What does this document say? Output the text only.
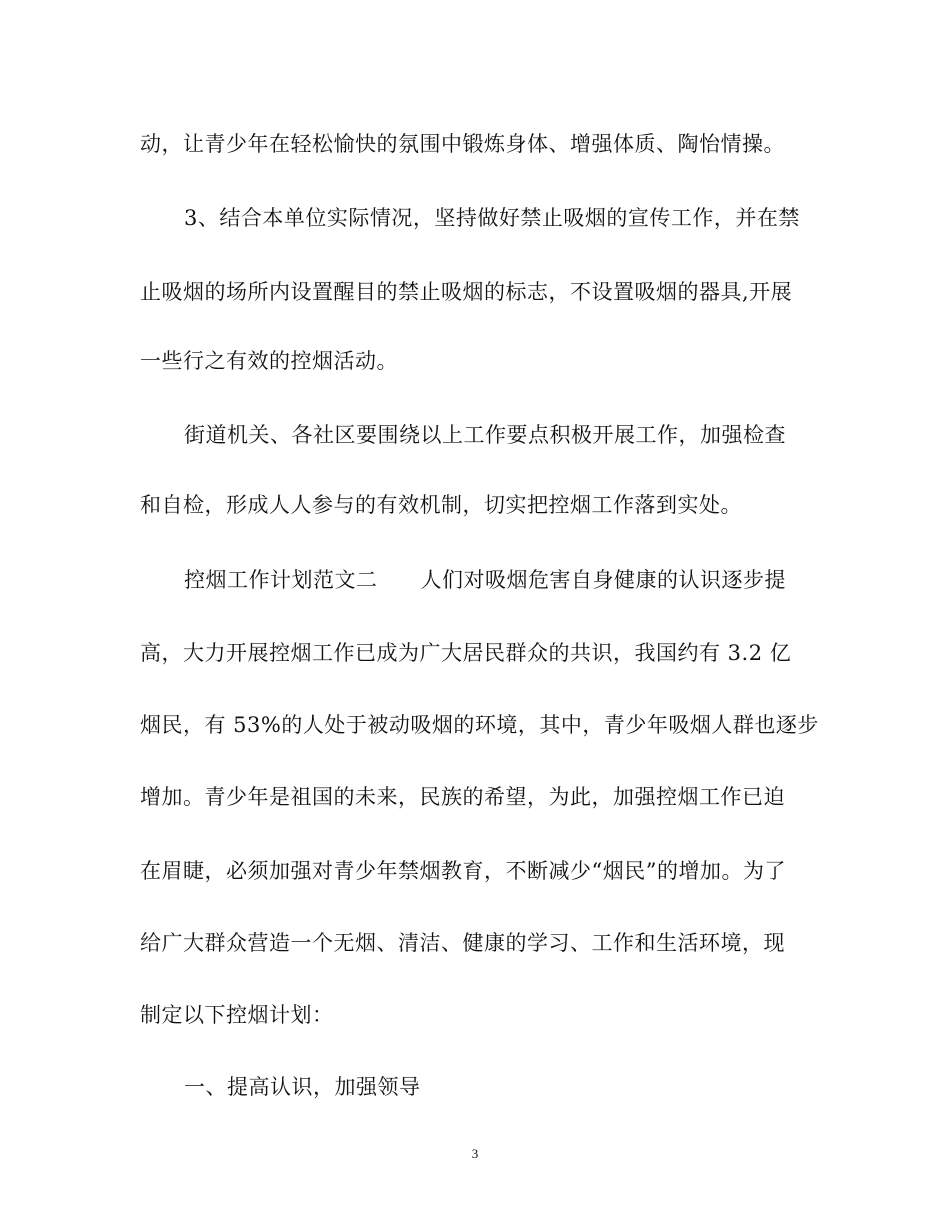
动，让青少年在轻松愉快的氛围中锻炼身体、增强体质、陶怡情操。
3、结合本单位实际情况，坚持做好禁止吸烟的宣传工作，并在禁
止吸烟的场所内设置醒目的禁止吸烟的标志，不设置吸烟的器具,开展
一些行之有效的控烟活动。
街道机关、各社区要围绕以上工作要点积极开展工作，加强检查
和自检，形成人人参与的有效机制，切实把控烟工作落到实处。
控烟工作计划范文二　　人们对吸烟危害自身健康的认识逐步提
高，大力开展控烟工作已成为广大居民群众的共识，我国约有 3.2 亿
烟民，有 53%的人处于被动吸烟的环境，其中，青少年吸烟人群也逐步
增加。青少年是祖国的未来，民族的希望，为此，加强控烟工作已迫
在眉睫，必须加强对青少年禁烟教育，不断减少“烟民”的增加。为了
给广大群众营造一个无烟、清洁、健康的学习、工作和生活环境，现
制定以下控烟计划：
一、提高认识，加强领导
3
